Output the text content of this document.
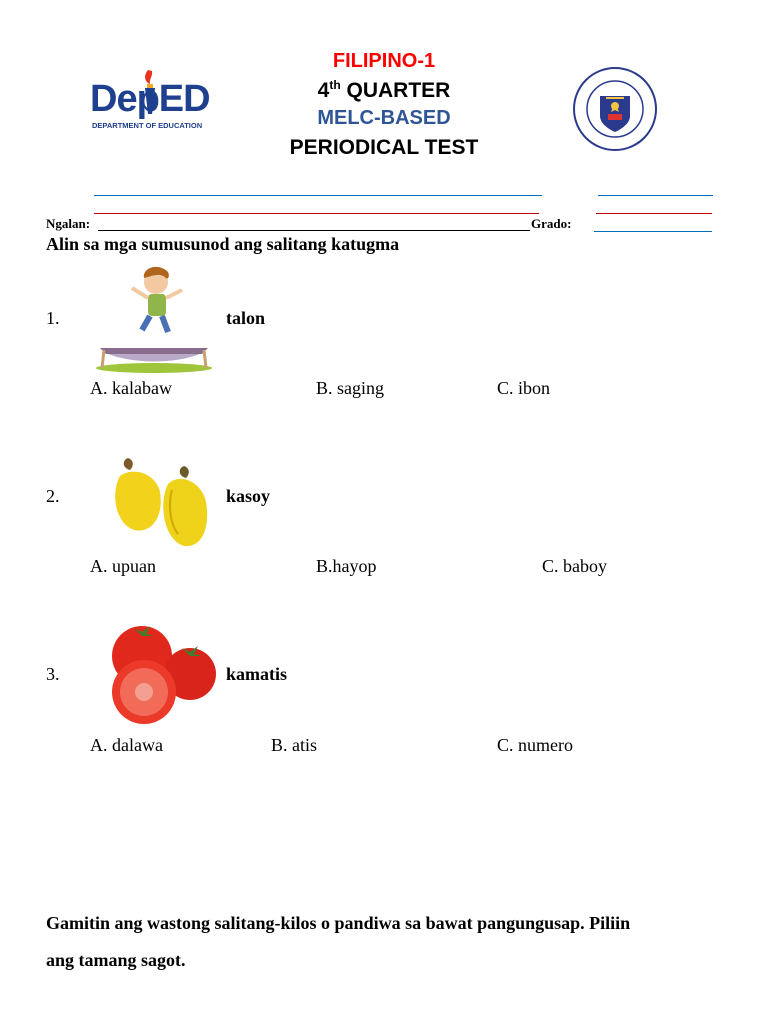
DepED
DEPARTMENT OF EDUCATION
FILIPINO-1
4th QUARTER
MELC-BASED
PERIODICAL TEST
Ngalan:	Grado:
Alin sa mga sumusunod ang salitang katugma
1.	talon
A. kalabaw	B. saging	C. ibon
2.	kasoy
A. upuan	B.hayop	C. baboy
3.	kamatis
A. dalawa	B. atis	C. numero
Gamitin ang wastong salitang-kilos o pandiwa sa bawat pangungusap. Piliin
ang tamang sagot.
